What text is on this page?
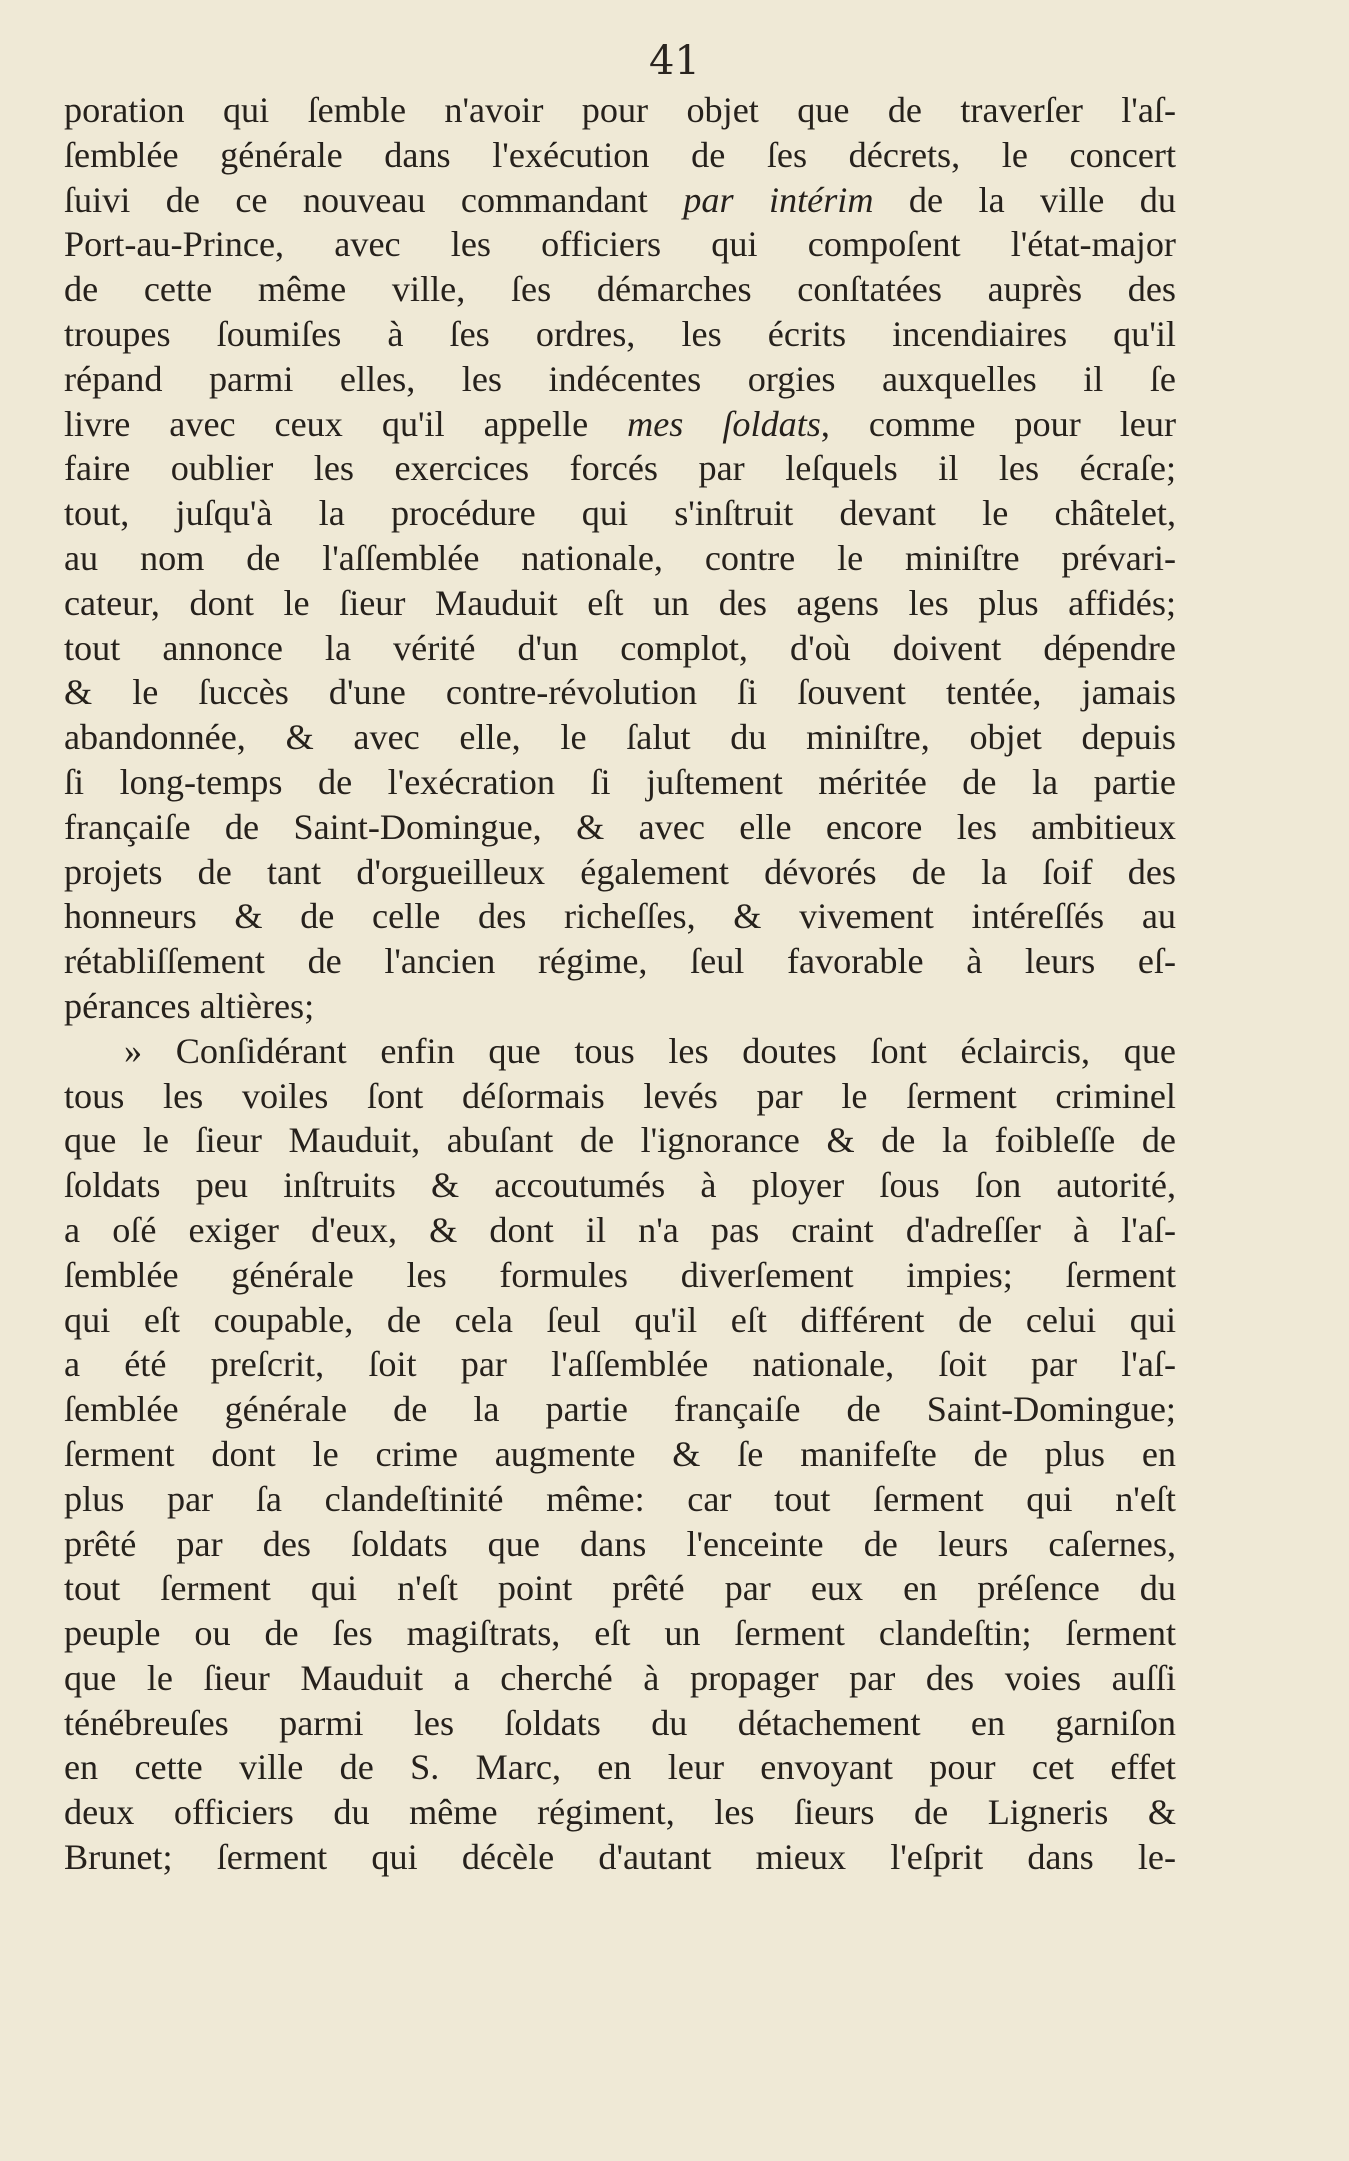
41
poration qui ſemble n'avoir pour objet que de traverſer l'aſ-
ſemblée générale dans l'exécution de ſes décrets, le concert
ſuivi de ce nouveau commandant par intérim de la ville du
Port-au-Prince, avec les officiers qui compoſent l'état-major
de cette même ville, ſes démarches conſtatées auprès des
troupes ſoumiſes à ſes ordres, les écrits incendiaires qu'il
répand parmi elles, les indécentes orgies auxquelles il ſe
livre avec ceux qu'il appelle mes ſoldats, comme pour leur
faire oublier les exercices forcés par leſquels il les écraſe;
tout, juſqu'à la procédure qui s'inſtruit devant le châtelet,
au nom de l'aſſemblée nationale, contre le miniſtre prévari-
cateur, dont le ſieur Mauduit eſt un des agens les plus affidés;
tout annonce la vérité d'un complot, d'où doivent dépendre
& le ſuccès d'une contre-révolution ſi ſouvent tentée, jamais
abandonnée, & avec elle, le ſalut du miniſtre, objet depuis
ſi long-temps de l'exécration ſi juſtement méritée de la partie
françaiſe de Saint-Domingue, & avec elle encore les ambitieux
projets de tant d'orgueilleux également dévorés de la ſoif des
honneurs & de celle des richeſſes, & vivement intéreſſés au
rétabliſſement de l'ancien régime, ſeul favorable à leurs eſ-
pérances altières;
» Conſidérant enfin que tous les doutes ſont éclaircis, que
tous les voiles ſont déſormais levés par le ſerment criminel
que le ſieur Mauduit, abuſant de l'ignorance & de la foibleſſe de
ſoldats peu inſtruits & accoutumés à ployer ſous ſon autorité,
a oſé exiger d'eux, & dont il n'a pas craint d'adreſſer à l'aſ-
ſemblée générale les formules diverſement impies; ſerment
qui eſt coupable, de cela ſeul qu'il eſt différent de celui qui
a été preſcrit, ſoit par l'aſſemblée nationale, ſoit par l'aſ-
ſemblée générale de la partie françaiſe de Saint-Domingue;
ſerment dont le crime augmente & ſe manifeſte de plus en
plus par ſa clandeſtinité même: car tout ſerment qui n'eſt
prêté par des ſoldats que dans l'enceinte de leurs caſernes,
tout ſerment qui n'eſt point prêté par eux en préſence du
peuple ou de ſes magiſtrats, eſt un ſerment clandeſtin; ſerment
que le ſieur Mauduit a cherché à propager par des voies auſſi
ténébreuſes parmi les ſoldats du détachement en garniſon
en cette ville de S. Marc, en leur envoyant pour cet effet
deux officiers du même régiment, les ſieurs de Ligneris &
Brunet; ſerment qui décèle d'autant mieux l'eſprit dans le-
